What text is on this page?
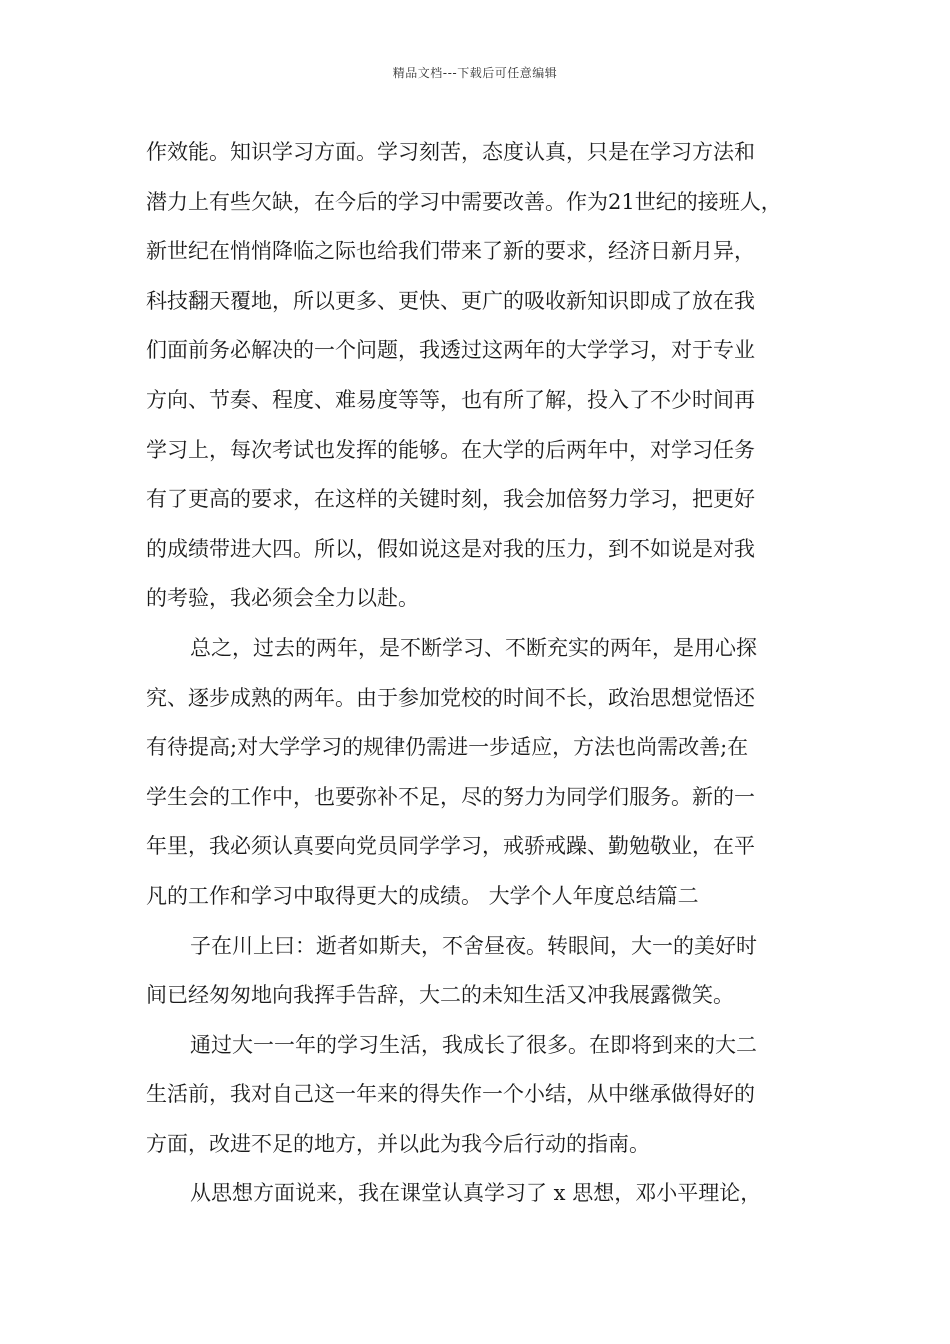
精品文档---下载后可任意编辑
作效能。知识学习方面。学习刻苦，态度认真，只是在学习方法和
潜力上有些欠缺，在今后的学习中需要改善。作为21世纪的接班人，
新世纪在悄悄降临之际也给我们带来了新的要求，经济日新月异，
科技翻天覆地，所以更多、更快、更广的吸收新知识即成了放在我
们面前务必解决的一个问题，我透过这两年的大学学习，对于专业
方向、节奏、程度、难易度等等，也有所了解，投入了不少时间再
学习上，每次考试也发挥的能够。在大学的后两年中，对学习任务
有了更高的要求，在这样的关键时刻，我会加倍努力学习，把更好
的成绩带进大四。所以，假如说这是对我的压力，到不如说是对我
的考验，我必须会全力以赴。
总之，过去的两年，是不断学习、不断充实的两年，是用心探
究、逐步成熟的两年。由于参加党校的时间不长，政治思想觉悟还
有待提高;对大学学习的规律仍需进一步适应，方法也尚需改善;在
学生会的工作中，也要弥补不足，尽的努力为同学们服务。新的一
年里，我必须认真要向党员同学学习，戒骄戒躁、勤勉敬业，在平
凡的工作和学习中取得更大的成绩。 大学个人年度总结篇二
子在川上曰：逝者如斯夫，不舍昼夜。转眼间，大一的美好时
间已经匆匆地向我挥手告辞，大二的未知生活又冲我展露微笑。
通过大一一年的学习生活，我成长了很多。在即将到来的大二
生活前，我对自己这一年来的得失作一个小结，从中继承做得好的
方面，改进不足的地方，并以此为我今后行动的指南。
从思想方面说来，我在课堂认真学习了 x 思想，邓小平理论，
